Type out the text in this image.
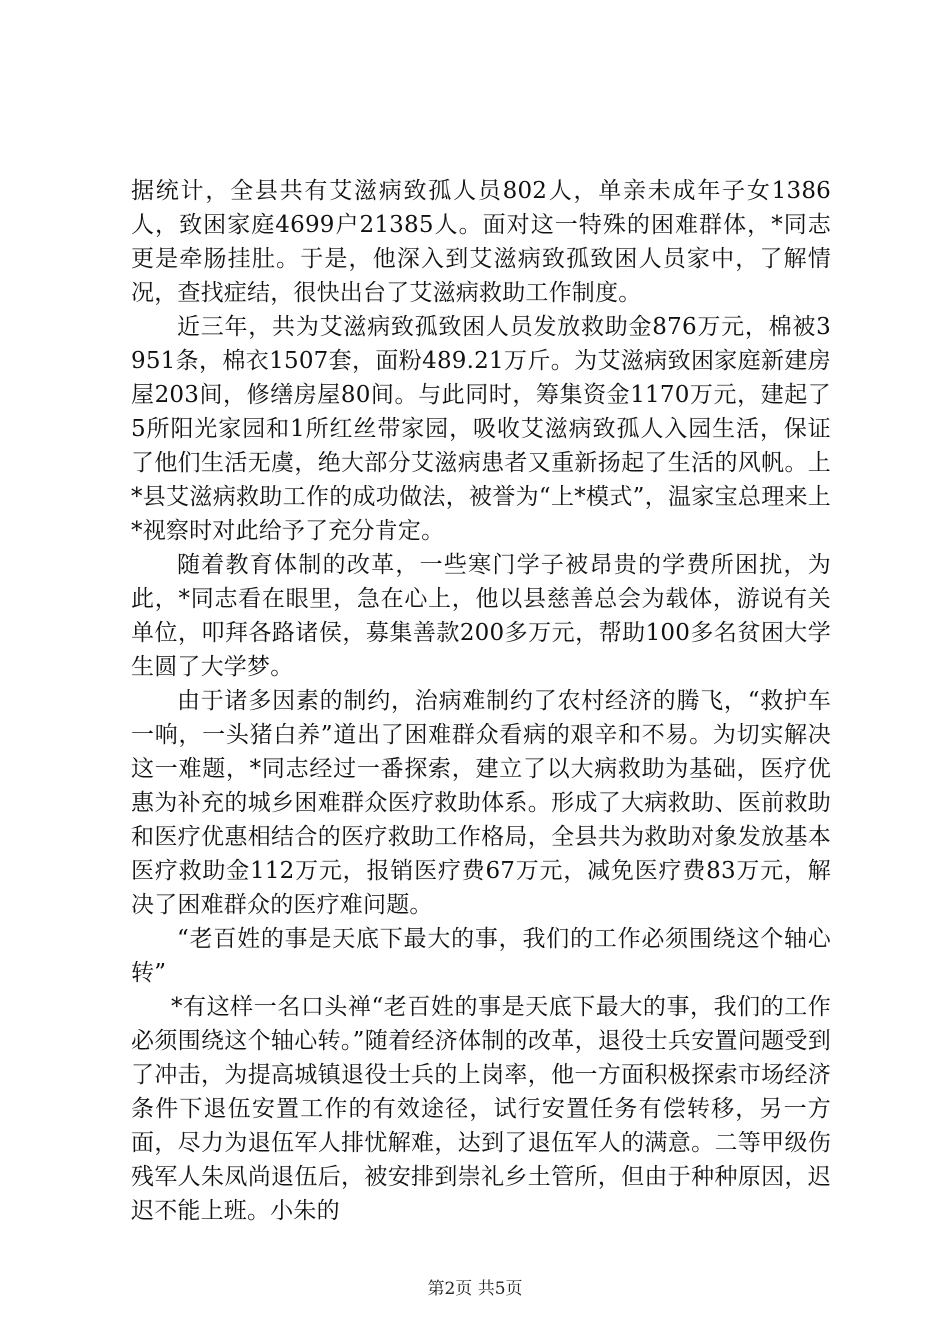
据统计，全县共有艾滋病致孤人员802人，单亲未成年子女1386人，致困家庭4699户21385人。面对这一特殊的困难群体，*同志更是牵肠挂肚。于是，他深入到艾滋病致孤致困人员家中，了解情况，查找症结，很快出台了艾滋病救助工作制度。

近三年，共为艾滋病致孤致困人员发放救助金876万元，棉被3951条，棉衣1507套，面粉489.21万斤。为艾滋病致困家庭新建房屋203间，修缮房屋80间。与此同时，筹集资金1170万元，建起了5所阳光家园和1所红丝带家园，吸收艾滋病致孤人入园生活，保证了他们生活无虞，绝大部分艾滋病患者又重新扬起了生活的风帆。上*县艾滋病救助工作的成功做法，被誉为“上*模式”，温家宝总理来上*视察时对此给予了充分肯定。

随着教育体制的改革，一些寒门学子被昂贵的学费所困扰，为此，*同志看在眼里，急在心上，他以县慈善总会为载体，游说有关单位，叩拜各路诸侯，募集善款200多万元，帮助100多名贫困大学生圆了大学梦。

由于诸多因素的制约，治病难制约了农村经济的腾飞，“救护车一响，一头猪白养”道出了困难群众看病的艰辛和不易。为切实解决这一难题，*同志经过一番探索，建立了以大病救助为基础，医疗优惠为补充的城乡困难群众医疗救助体系。形成了大病救助、医前救助和医疗优惠相结合的医疗救助工作格局，全县共为救助对象发放基本医疗救助金112万元，报销医疗费67万元，减免医疗费83万元，解决了困难群众的医疗难问题。

“老百姓的事是天底下最大的事，我们的工作必须围绕这个轴心转”

*有这样一名口头禅“老百姓的事是天底下最大的事，我们的工作必须围绕这个轴心转。”随着经济体制的改革，退役士兵安置问题受到了冲击，为提高城镇退役士兵的上岗率，他一方面积极探索市场经济条件下退伍安置工作的有效途径，试行安置任务有偿转移，另一方面，尽力为退伍军人排忧解难，达到了退伍军人的满意。二等甲级伤残军人朱凤尚退伍后，被安排到崇礼乡土管所，但由于种种原因，迟迟不能上班。小朱的

第2页 共5页
